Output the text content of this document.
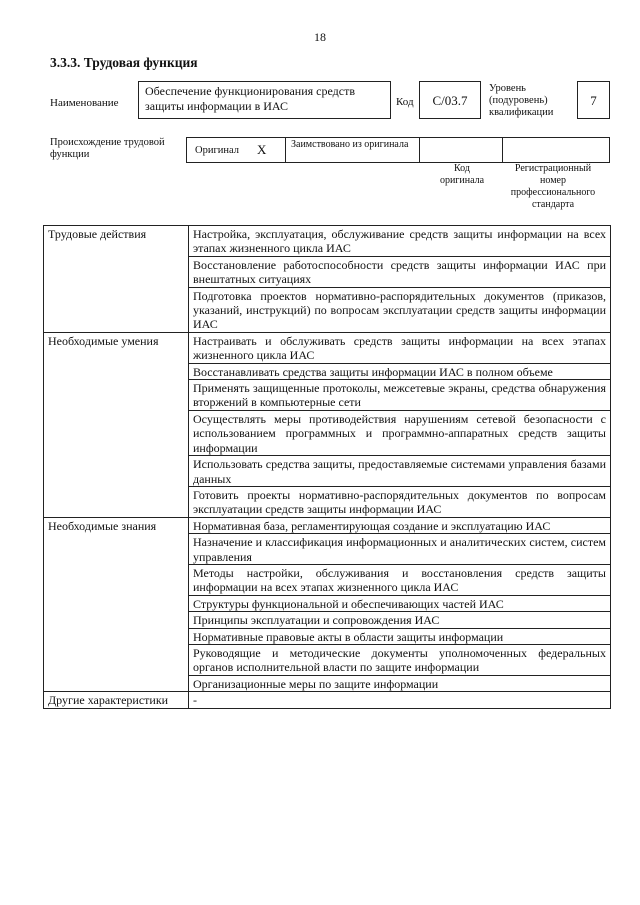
18
3.3.3. Трудовая функция
Наименование
Обеспечение функционирования средств защиты информации в ИАС	Код	С/03.7
Уровень (подуровень) квалификации
7
Происхождение трудовой функции	Оригинал X Заимствовано из оригинала
Код оригинала
Регистрационный номер профессионального стандарта
Трудовые действия	Настройка, эксплуатация, обслуживание средств защиты информации на всех этапах жизненного цикла ИАС
	Восстановление работоспособности средств защиты информации ИАС при внештатных ситуациях
	Подготовка проектов нормативно-распорядительных документов (приказов, указаний, инструкций) по вопросам эксплуатации средств защиты информации ИАС
Необходимые умения	Настраивать и обслуживать средств защиты информации на всех этапах жизненного цикла ИАС
	Восстанавливать средства защиты информации ИАС в полном объеме
	Применять защищенные протоколы, межсетевые экраны, средства обнаружения вторжений в компьютерные сети
	Осуществлять меры противодействия нарушениям сетевой безопасности с использованием программных и программно-аппаратных средств защиты информации
	Использовать средства защиты, предоставляемые системами управления базами данных
	Готовить проекты нормативно-распорядительных документов по вопросам эксплуатации средств защиты информации ИАС
Необходимые знания	Нормативная база, регламентирующая создание и эксплуатацию ИАС
	Назначение и классификация информационных и аналитических систем, систем управления
	Методы настройки, обслуживания и восстановления средств защиты информации на всех этапах жизненного цикла ИАС
	Структуры функциональной и обеспечивающих частей ИАС
	Принципы эксплуатации и сопровождения ИАС
	Нормативные правовые акты в области защиты информации
	Руководящие и методические документы уполномоченных федеральных органов исполнительной власти по защите информации
	Организационные меры по защите информации
Другие характеристики	-
